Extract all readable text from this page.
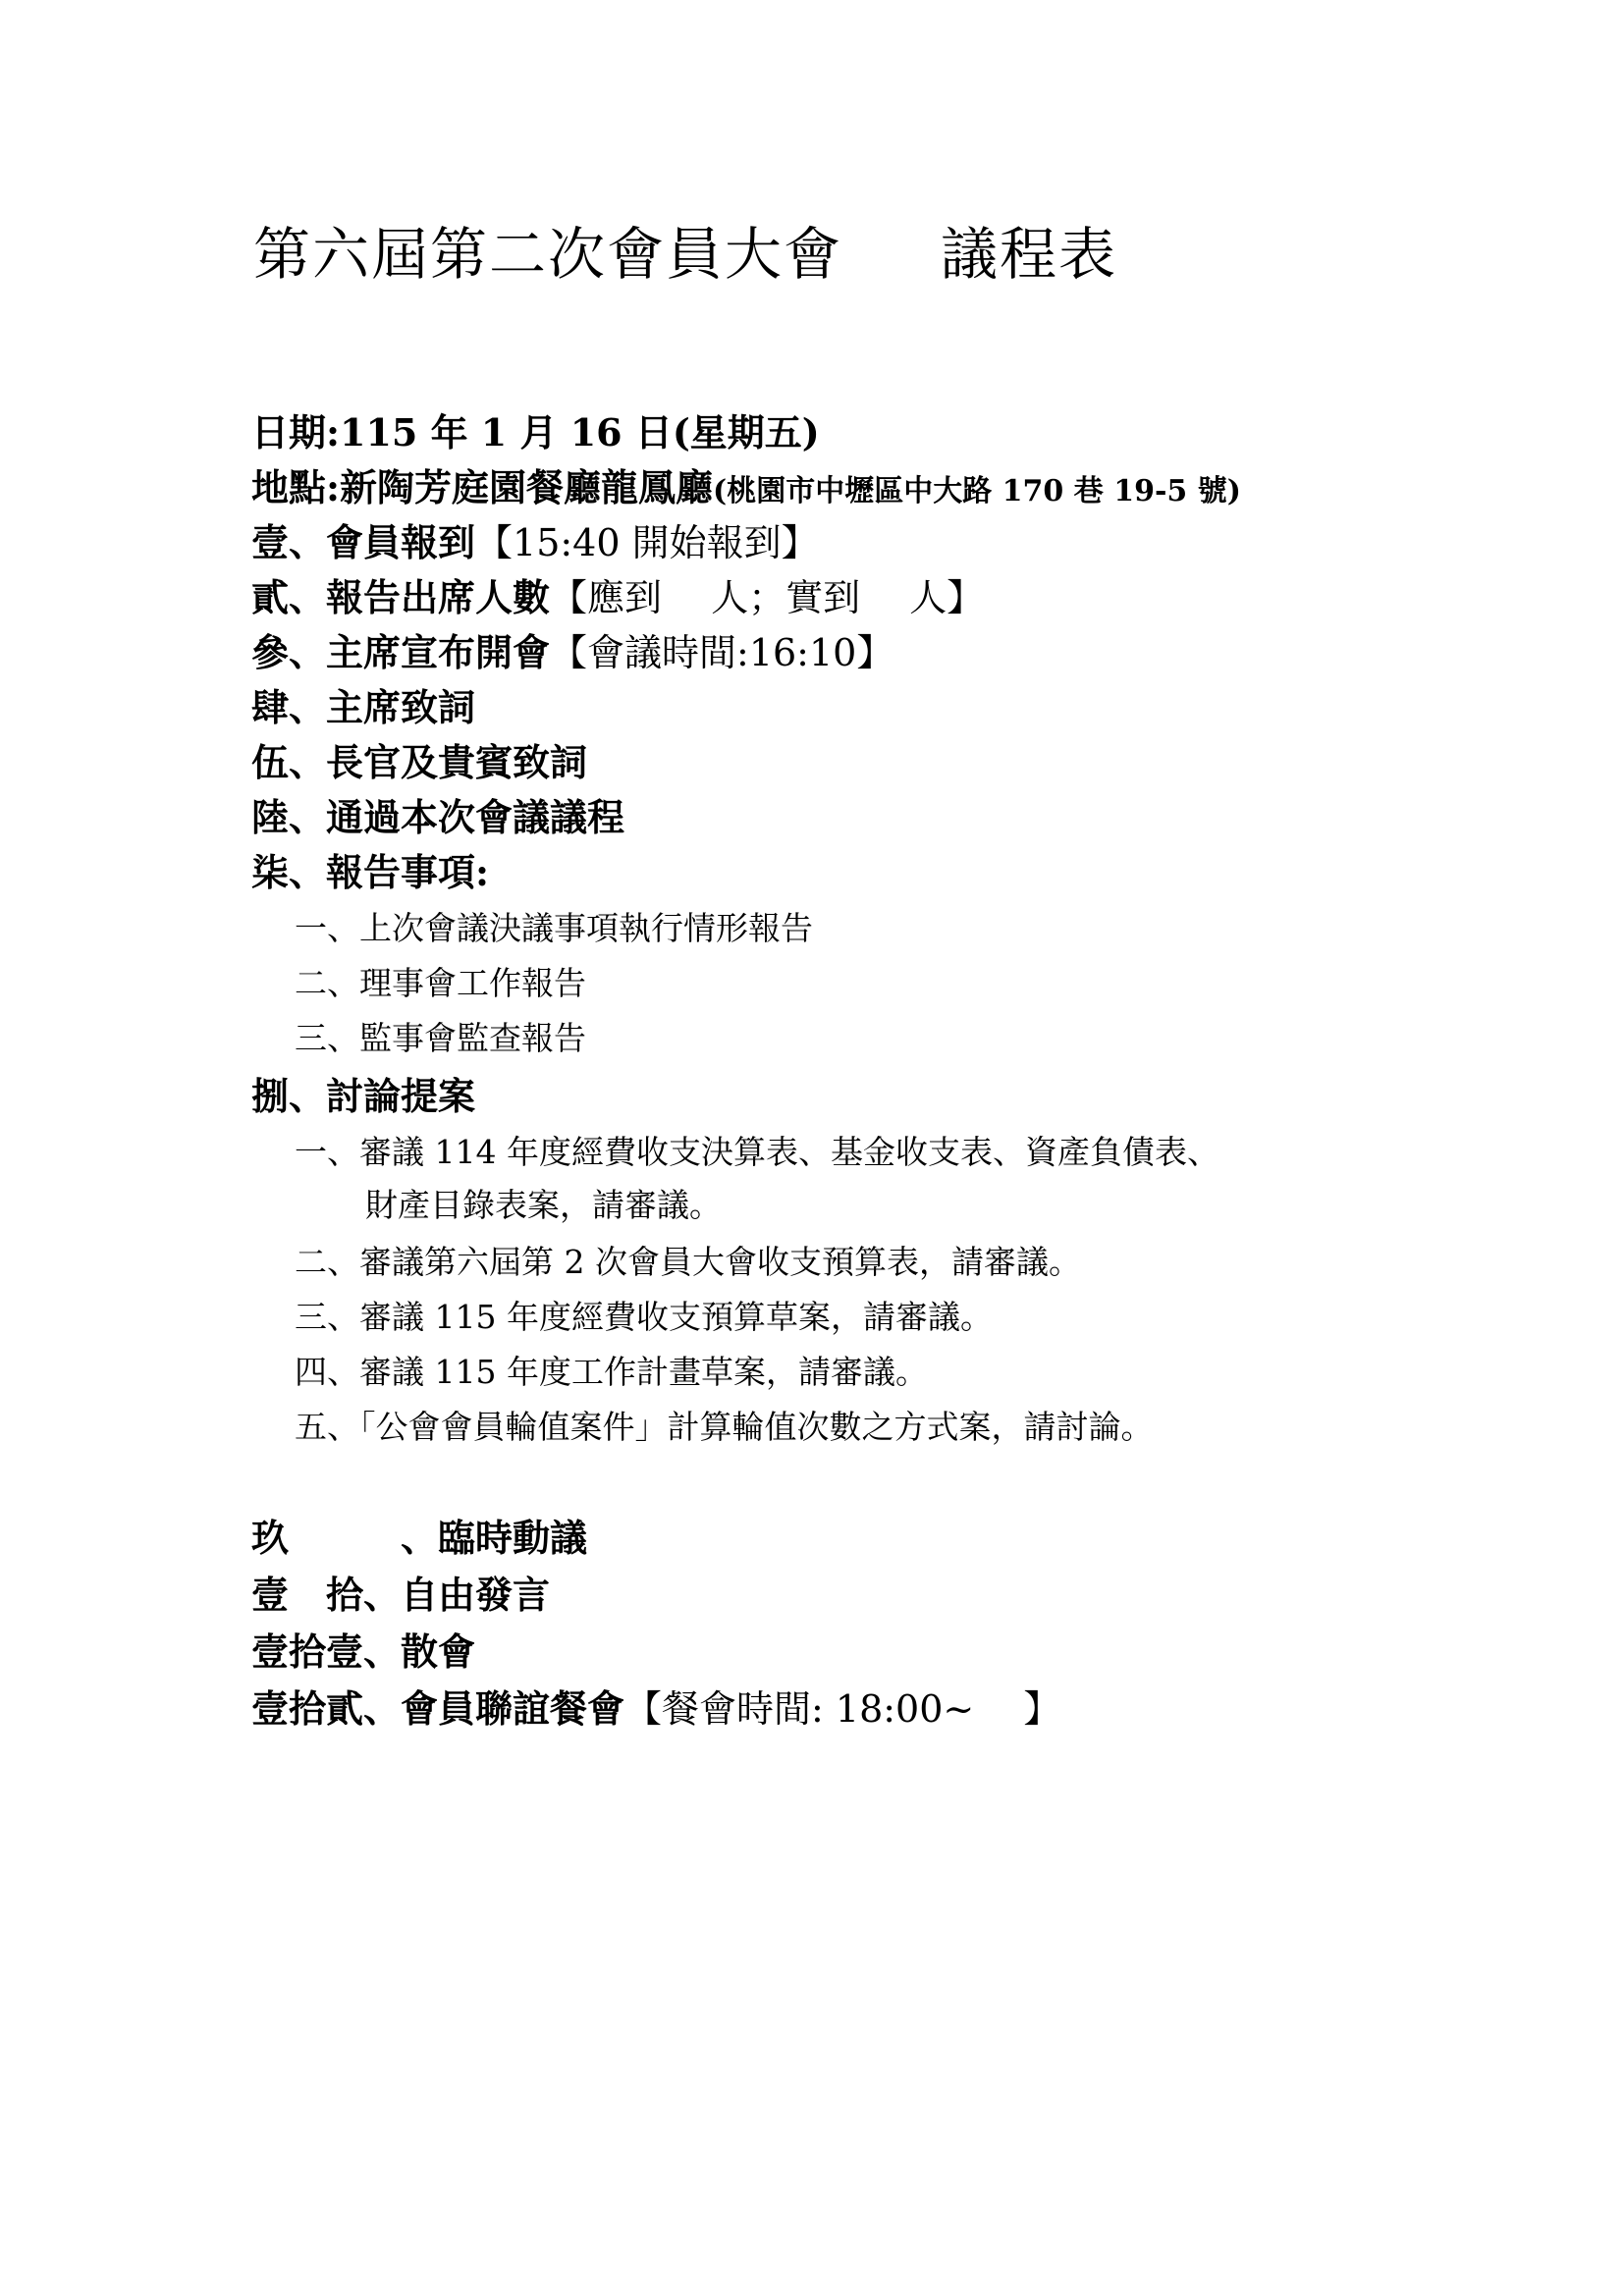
第六屆第二次會員大會 議程表
日期:115 年 1 月 16 日(星期五)
地點:新陶芳庭園餐廳龍鳳廳(桃園市中壢區中大路 170 巷 19-5 號)
壹、會員報到【15:40 開始報到】
貳、報告出席人數【應到　 人；實到　 人】
參、主席宣布開會【會議時間:16:10】
肆、主席致詞
伍、長官及貴賓致詞
陸、通過本次會議議程
柒、報告事項:
一、上次會議決議事項執行情形報告
二、理事會工作報告
三、監事會監查報告
捌、討論提案
一、審議 114 年度經費收支決算表、基金收支表、資產負債表、
財產目錄表案，請審議。
二、審議第六屆第 2 次會員大會收支預算表，請審議。
三、審議 115 年度經費收支預算草案，請審議。
四、審議 115 年度工作計畫草案，請審議。
五、「公會會員輪值案件」計算輪值次數之方式案，請討論。
玖　　　、臨時動議
壹　拾、自由發言
壹拾壹、散會
壹拾貳、會員聯誼餐會【餐會時間: 18:00~　 】
